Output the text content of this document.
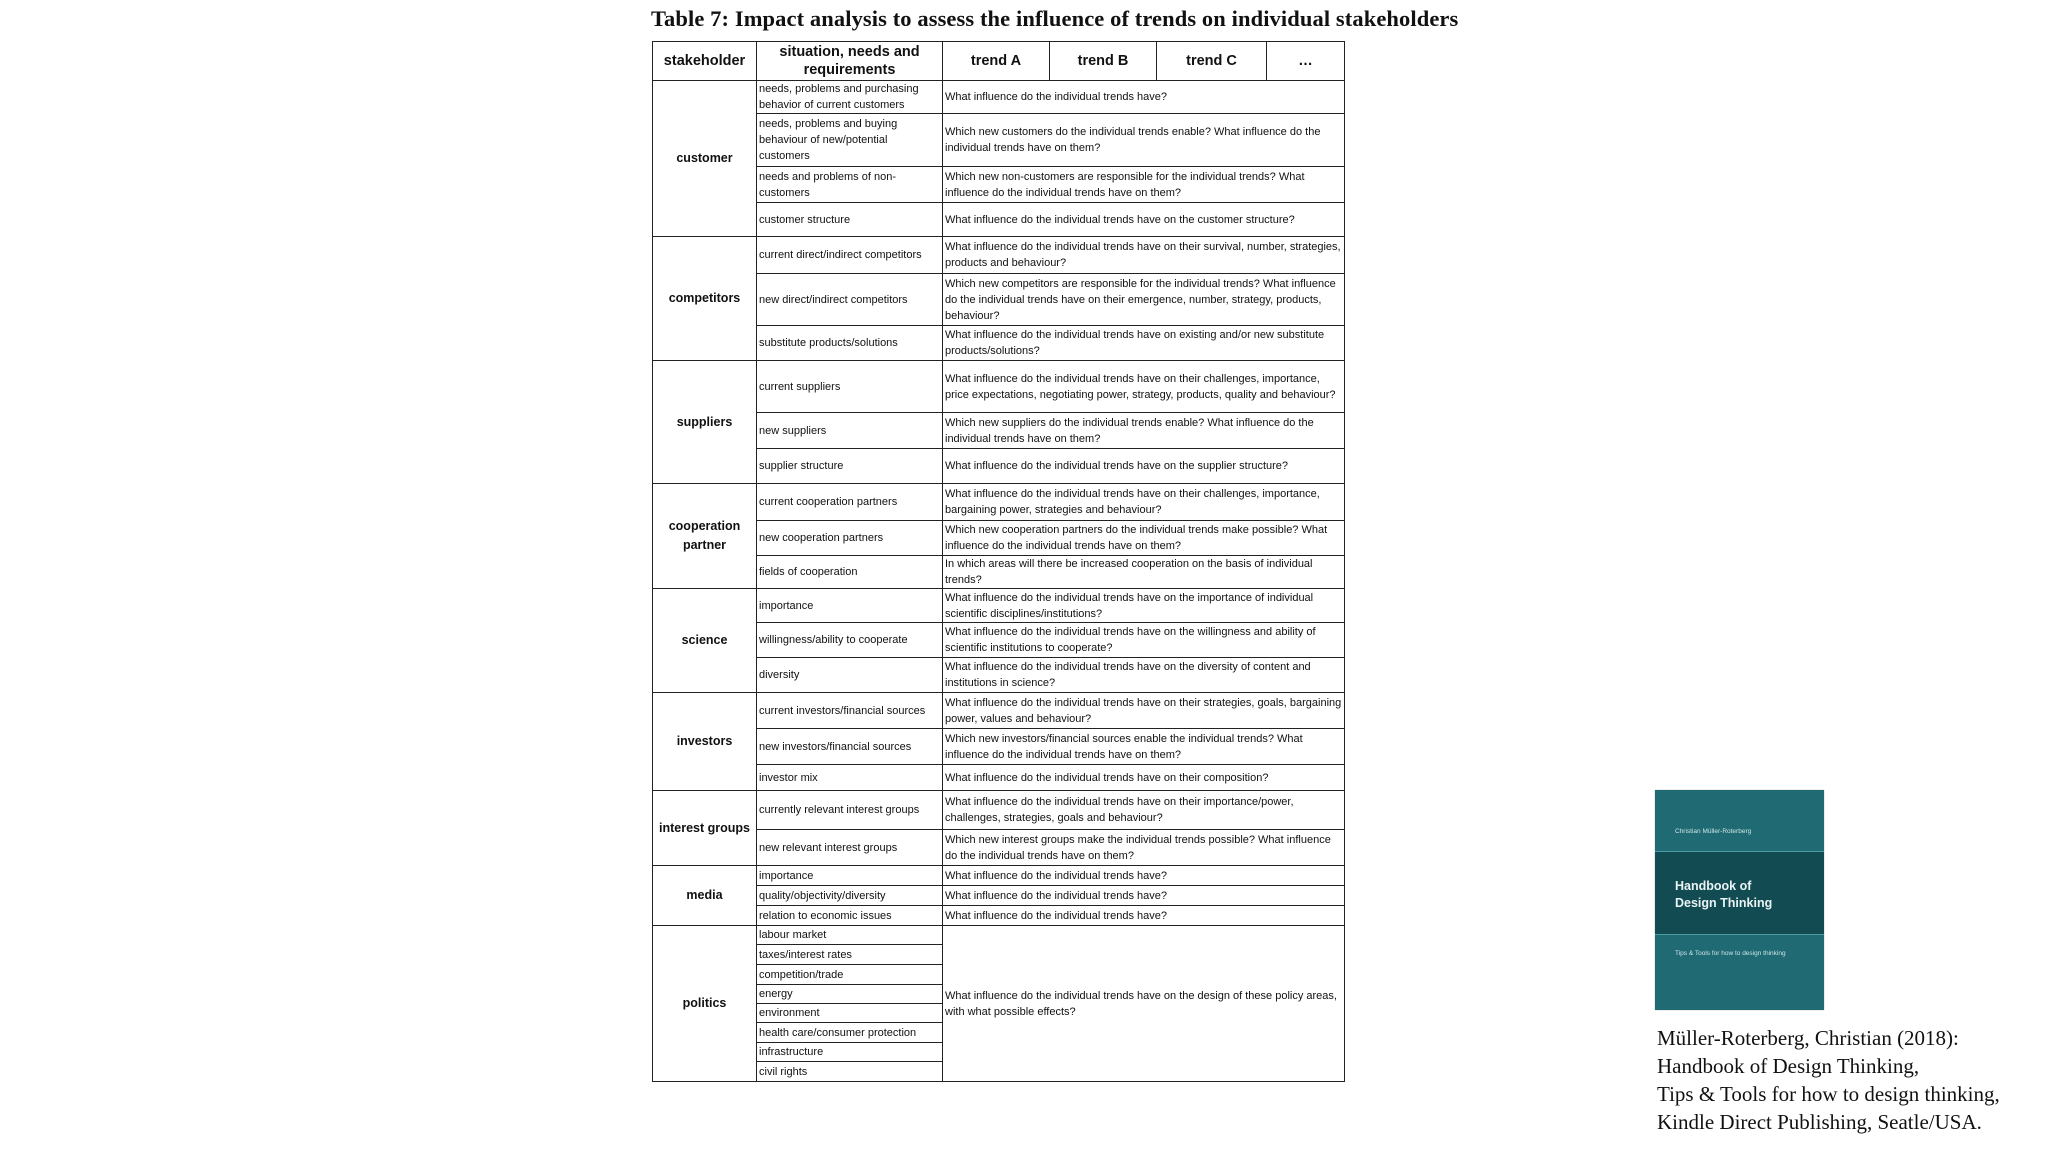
Table 7: Impact analysis to assess the influence of trends on individual stakeholders
stakeholder	situation, needs and requirements	trend A	trend B	trend C	…
customer	needs, problems and purchasing behavior of current customers	What influence do the individual trends have?			
	needs, problems and buying behaviour of new/potential customers	Which new customers do the individual trends enable? What influence do the individual trends have on them?			
	needs and problems of non-customers	Which new non-customers are responsible for the individual trends? What influence do the individual trends have on them?			
	customer structure	What influence do the individual trends have on the customer structure?			
competitors	current direct/indirect competitors	What influence do the individual trends have on their survival, number, strategies, products and behaviour?			
	new direct/indirect competitors	Which new competitors are responsible for the individual trends? What influence do the individual trends have on their emergence, number, strategy, products, behaviour?			
	substitute products/solutions	What influence do the individual trends have on existing and/or new substitute products/solutions?			
suppliers	current suppliers	What influence do the individual trends have on their challenges, importance, price expectations, negotiating power, strategy, products, quality and behaviour?			
	new suppliers	Which new suppliers do the individual trends enable? What influence do the individual trends have on them?			
	supplier structure	What influence do the individual trends have on the supplier structure?			
cooperation partner	current cooperation partners	What influence do the individual trends have on their challenges, importance, bargaining power, strategies and behaviour?			
	new cooperation partners	Which new cooperation partners do the individual trends make possible? What influence do the individual trends have on them?			
	fields of cooperation	In which areas will there be increased cooperation on the basis of individual trends?			
science	importance	What influence do the individual trends have on the importance of individual scientific disciplines/institutions?			
	willingness/ability to cooperate	What influence do the individual trends have on the willingness and ability of scientific institutions to cooperate?			
	diversity	What influence do the individual trends have on the diversity of content and institutions in science?			
investors	current investors/financial sources	What influence do the individual trends have on their strategies, goals, bargaining power, values and behaviour?			
	new investors/financial sources	Which new investors/financial sources enable the individual trends? What influence do the individual trends have on them?			
	investor mix	What influence do the individual trends have on their composition?			
interest groups	currently relevant interest groups	What influence do the individual trends have on their importance/power, challenges, strategies, goals and behaviour?			
	new relevant interest groups	Which new interest groups make the individual trends possible? What influence do the individual trends have on them?			
media	importance	What influence do the individual trends have?			
	quality/objectivity/diversity	What influence do the individual trends have?			
	relation to economic issues	What influence do the individual trends have?			
politics	labour market	What influence do the individual trends have on the design of these policy areas, with what possible effects?			
	taxes/interest rates				
	competition/trade				
	energy				
	environment				
	health care/consumer protection				
	infrastructure				
	civil rights				
Christian Müller-Roterberg
Handbook of
Design Thinking
Tips & Tools for how to design thinking
Müller-Roterberg, Christian (2018):
Handbook of Design Thinking,
Tips & Tools for how to design thinking,
Kindle Direct Publishing, Seatle/USA.
